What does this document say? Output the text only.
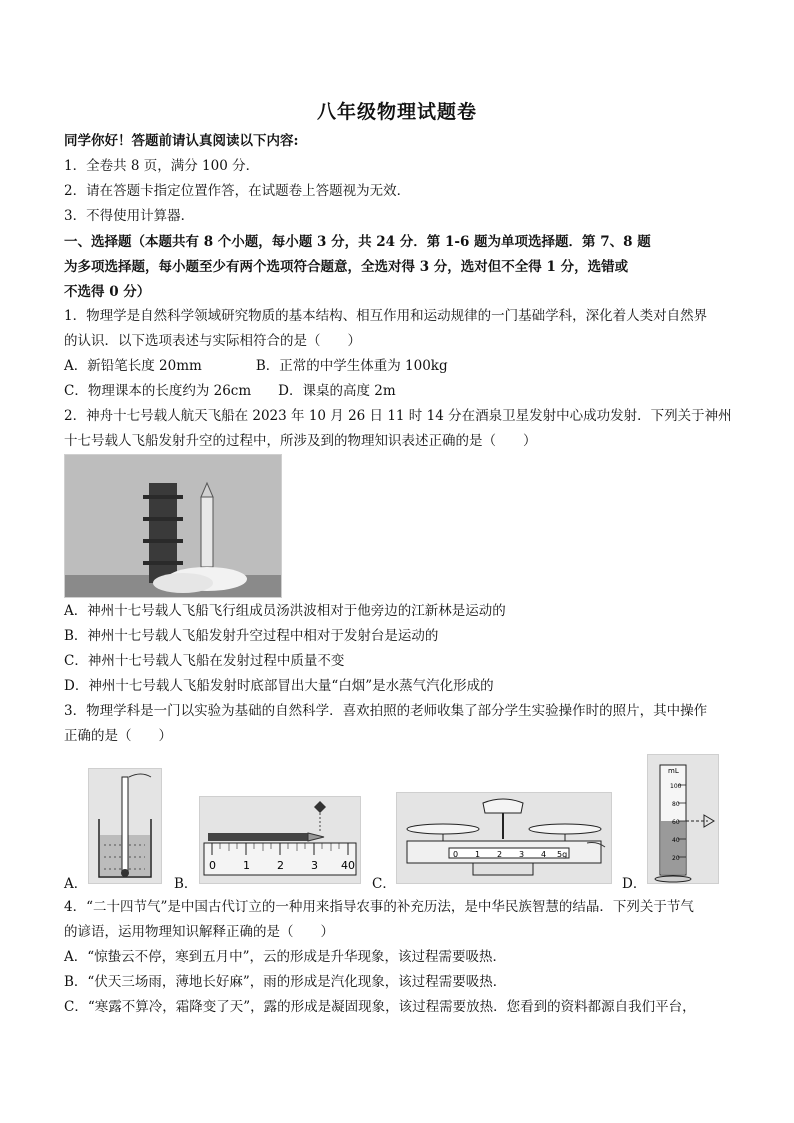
八年级物理试题卷
同学你好！答题前请认真阅读以下内容:
1．全卷共 8 页，满分 100 分．
2．请在答题卡指定位置作答，在试题卷上答题视为无效．
3．不得使用计算器．
一、选择题（本题共有 8 个小题，每小题 3 分，共 24 分．第 1-6 题为单项选择题．第 7、8 题
为多项选择题，每小题至少有两个选项符合题意，全选对得 3 分，选对但不全得 1 分，选错或
不选得 0 分）
1．物理学是自然科学领域研究物质的基本结构、相互作用和运动规律的一门基础学科，深化着人类对自然界
的认识．以下选项表述与实际相符合的是（　　）
A．新铅笔长度 20mm　　　　B．正常的中学生体重为 100kg
C．物理课本的长度约为 26cm　　D．课桌的高度 2m
2．神舟十七号载人航天飞船在 2023 年 10 月 26 日 11 时 14 分在酒泉卫星发射中心成功发射．下列关于神州
十七号载人飞船发射升空的过程中，所涉及到的物理知识表述正确的是（　　）
A．神州十七号载人飞船飞行组成员汤洪波相对于他旁边的江新林是运动的
B．神州十七号载人飞船发射升空过程中相对于发射台是运动的
C．神州十七号载人飞船在发射过程中质量不变
D．神州十七号载人飞船发射时底部冒出大量“白烟”是水蒸气汽化形成的
3．物理学科是一门以实验为基础的自然科学．喜欢拍照的老师收集了部分学生实验操作时的照片，其中操作
正确的是（　　）
A．	B．
0 1 2 3 40
C．
0 1 2 3 4 5g
D．
mL
100
80
60
40
20
4．“二十四节气”是中国古代订立的一种用来指导农事的补充历法，是中华民族智慧的结晶．下列关于节气
的谚语，运用物理知识解释正确的是（　　）
A．“惊蛰云不停，寒到五月中”，云的形成是升华现象，该过程需要吸热．
B．“伏天三场雨，薄地长好麻”，雨的形成是汽化现象，该过程需要吸热．
C．“寒露不算冷，霜降变了天”，露的形成是凝固现象，该过程需要放热．您看到的资料都源自我们平台，
